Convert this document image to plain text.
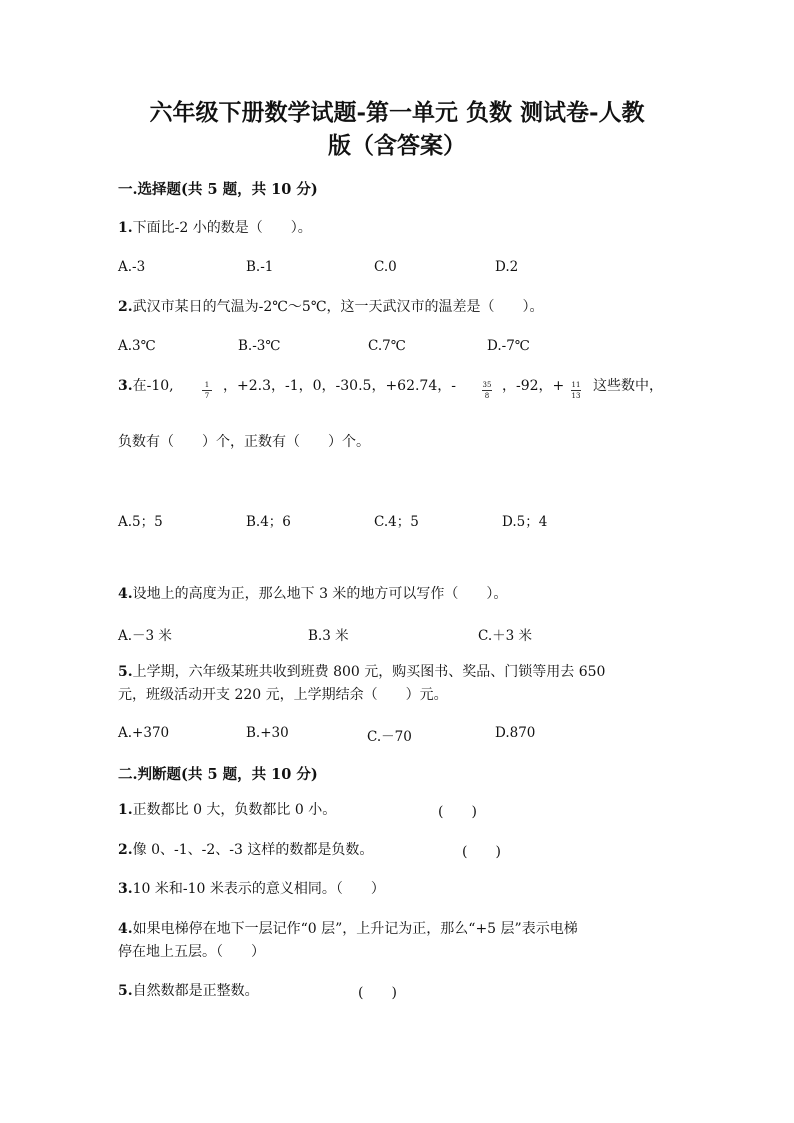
六年级下册数学试题-第一单元 负数 测试卷-人教
版（含答案）
一.选择题(共 5 题，共 10 分)
1.下面比-2 小的数是（　　）。
A.-3	B.-1	C.0	D.2
2.武汉市某日的气温为-2℃～5℃，这一天武汉市的温差是（　　）。
A.3℃	B.-3℃	C.7℃	D.-7℃
3.在-10,	1
7
，+2.3，-1，0，-30.5，+62.74，-	35
8
，-92，+	11
13
这些数中，
负数有（　　）个，正数有（　　）个。
A.5；5	B.4；6	C.4；5	D.5；4
4.设地上的高度为正，那么地下 3 米的地方可以写作（　　）。
A.－3 米	B.3 米	C.＋3 米
5.上学期，六年级某班共收到班费 800 元，购买图书、奖品、门锁等用去 650
元，班级活动开支 220 元，上学期结余（　　）元。
A.+370	B.+30	C.－70	D.870
二.判断题(共 5 题，共 10 分)
1.正数都比 0 大，负数都比 0 小。	(　　)
2.像 0、-1、-2、-3 这样的数都是负数。	(　　)
3.10 米和-10 米表示的意义相同。（　　）
4.如果电梯停在地下一层记作“0 层”，上升记为正，那么“+5 层”表示电梯
停在地上五层。（　　）
5.自然数都是正整数。	(　　)
